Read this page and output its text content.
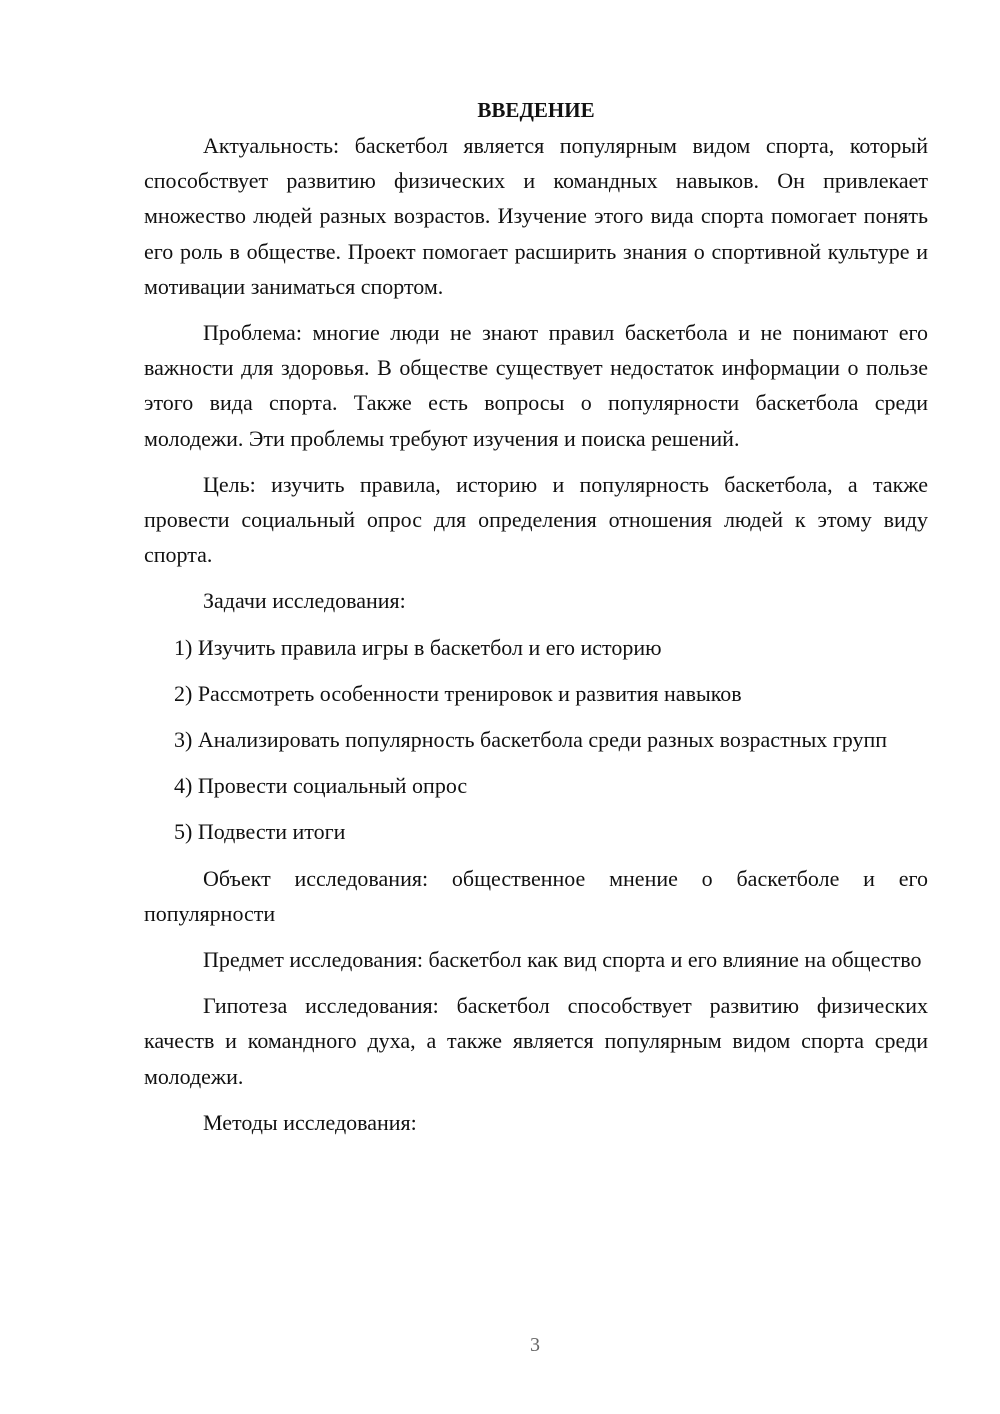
ВВЕДЕНИЕ

Актуальность: баскетбол является популярным видом спорта, который способствует развитию физических и командных навыков. Он привлекает множество людей разных возрастов. Изучение этого вида спорта помогает понять его роль в обществе. Проект помогает расширить знания о спортивной культуре и мотивации заниматься спортом.

Проблема: многие люди не знают правил баскетбола и не понимают его важности для здоровья. В обществе существует недостаток информации о пользе этого вида спорта. Также есть вопросы о популярности баскетбола среди молодежи. Эти проблемы требуют изучения и поиска решений.

Цель: изучить правила, историю и популярность баскетбола, а также провести социальный опрос для определения отношения людей к этому виду спорта.

Задачи исследования:

1) Изучить правила игры в баскетбол и его историю

2) Рассмотреть особенности тренировок и развития навыков

3) Анализировать популярность баскетбола среди разных возрастных групп

4) Провести социальный опрос

5) Подвести итоги

Объект исследования: общественное мнение о баскетболе и его популярности

Предмет исследования: баскетбол как вид спорта и его влияние на общество

Гипотеза исследования: баскетбол способствует развитию физических качеств и командного духа, а также является популярным видом спорта среди молодежи.

Методы исследования:

3
